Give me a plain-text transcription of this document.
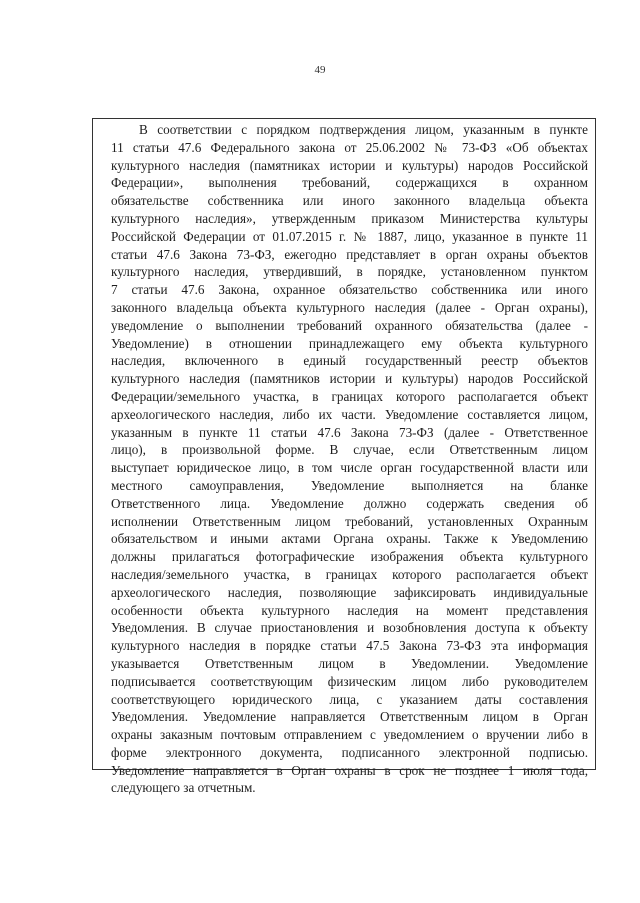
49

В соответствии с порядком подтверждения лицом, указанным в пункте
11 статьи 47.6 Федерального закона от 25.06.2002 № 73-ФЗ «Об объектах
культурного наследия (памятниках истории и культуры) народов Российской
Федерации», выполнения требований, содержащихся в охранном
обязательстве собственника или иного законного владельца объекта
культурного наследия», утвержденным приказом Министерства культуры
Российской Федерации от 01.07.2015 г. № 1887, лицо, указанное в пункте 11
статьи 47.6 Закона 73-ФЗ, ежегодно представляет в орган охраны объектов
культурного наследия, утвердивший, в порядке, установленном пунктом
7 статьи 47.6 Закона, охранное обязательство собственника или иного
законного владельца объекта культурного наследия (далее - Орган охраны),
уведомление о выполнении требований охранного обязательства (далее -
Уведомление) в отношении принадлежащего ему объекта культурного
наследия, включенного в единый государственный реестр объектов
культурного наследия (памятников истории и культуры) народов Российской
Федерации/земельного участка, в границах которого располагается объект
археологического наследия, либо их части. Уведомление составляется лицом,
указанным в пункте 11 статьи 47.6 Закона 73-ФЗ (далее - Ответственное
лицо), в произвольной форме. В случае, если Ответственным лицом
выступает юридическое лицо, в том числе орган государственной власти или
местного самоуправления, Уведомление выполняется на бланке
Ответственного лица. Уведомление должно содержать сведения об
исполнении Ответственным лицом требований, установленных Охранным
обязательством и иными актами Органа охраны. Также к Уведомлению
должны прилагаться фотографические изображения объекта культурного
наследия/земельного участка, в границах которого располагается объект
археологического наследия, позволяющие зафиксировать индивидуальные
особенности объекта культурного наследия на момент представления
Уведомления. В случае приостановления и возобновления доступа к объекту
культурного наследия в порядке статьи 47.5 Закона 73-ФЗ эта информация
указывается Ответственным лицом в Уведомлении. Уведомление
подписывается соответствующим физическим лицом либо руководителем
соответствующего юридического лица, с указанием даты составления
Уведомления. Уведомление направляется Ответственным лицом в Орган
охраны заказным почтовым отправлением с уведомлением о вручении либо в
форме электронного документа, подписанного электронной подписью.
Уведомление направляется в Орган охраны в срок не позднее 1 июля года,
следующего за отчетным.
